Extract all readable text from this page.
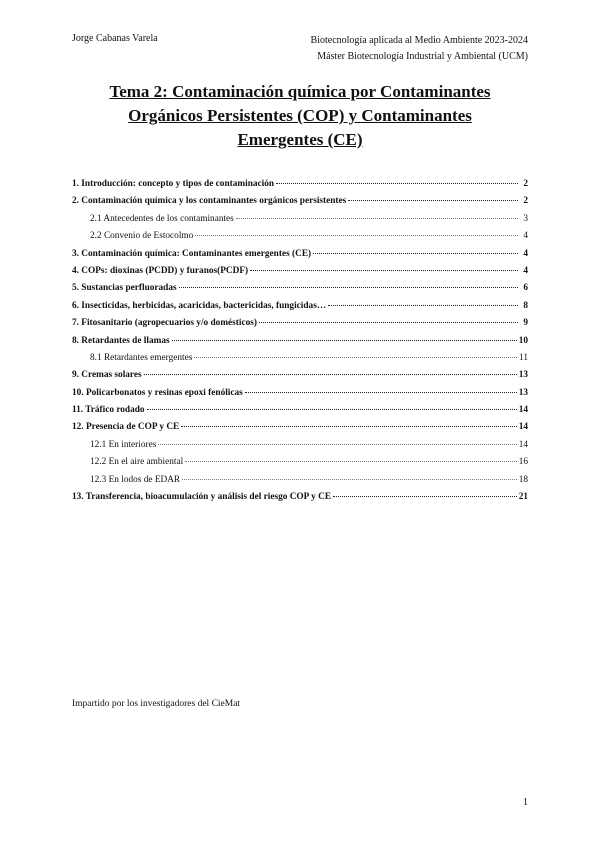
Jorge Cabanas Varela	Biotecnología aplicada al Medio Ambiente 2023-2024
Máster Biotecnología Industrial y Ambiental (UCM)
Tema 2: Contaminación química por Contaminantes
Orgánicos Persistentes (COP) y Contaminantes
Emergentes (CE)
1. Introducción: concepto y tipos de contaminación	2
2. Contaminación química y los contaminantes orgánicos persistentes	2
2.1 Antecedentes de los contaminantes	3
2.2 Convenio de Estocolmo	4
3. Contaminación química: Contaminantes emergentes (CE)	4
4. COPs: dioxinas (PCDD) y furanos(PCDF)	4
5. Sustancias perfluoradas	6
6. Insecticidas, herbicidas, acaricidas, bactericidas, fungicidas…	8
7. Fitosanitario (agropecuarios y/o domésticos)	9
8. Retardantes de llamas	10
8.1 Retardantes emergentes	11
9. Cremas solares	13
10. Policarbonatos y resinas epoxi fenólicas	13
11. Tráfico rodado	14
12. Presencia de COP y CE	14
12.1 En interiores	14
12.2 En el aire ambiental	16
12.3 En lodos de EDAR	18
13. Transferencia, bioacumulación y análisis del riesgo COP y CE	21
Impartido por los investigadores del CieMat
1
